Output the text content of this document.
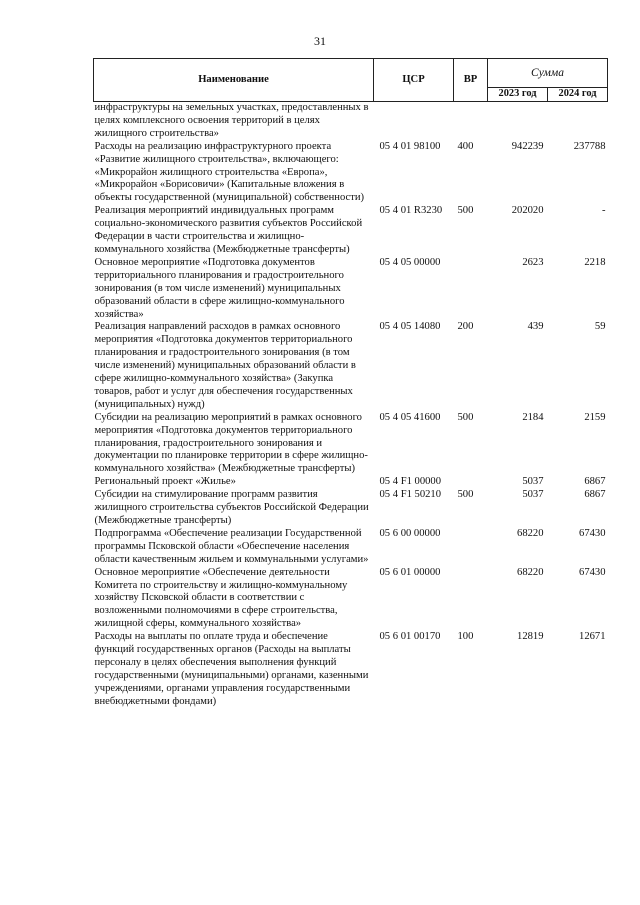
31
Наименование	ЦСР	ВР	Сумма	
			2023 год	2024 год

инфраструктуры на земельных участках, предоставленных в целях комплексного освоения территорий в целях жилищного строительства»				
Расходы на реализацию инфраструктурного проекта «Развитие жилищного строительства», включающего: «Микрорайон жилищного строительства «Европа», «Микрорайон «Борисовичи» (Капитальные вложения в объекты государственной (муниципальной) собственности)	05 4 01 98100	400	942239	237788
Реализация мероприятий индивидуальных программ социально-экономического развития субъектов Российской Федерации в части строительства и жилищно-коммунального хозяйства (Межбюджетные трансферты)	05 4 01 R3230	500	202020	-
Основное мероприятие «Подготовка документов территориального планирования и градостроительного зонирования (в том числе изменений) муниципальных образований области в сфере жилищно-коммунального хозяйства»	05 4 05 00000		2623	2218
Реализация направлений расходов в рамках основного мероприятия «Подготовка документов территориального планирования и градостроительного зонирования (в том числе изменений) муниципальных образований области в сфере жилищно-коммунального хозяйства» (Закупка товаров, работ и услуг для обеспечения государственных (муниципальных) нужд)	05 4 05 14080	200	439	59
Субсидии на реализацию мероприятий в рамках основного мероприятия «Подготовка документов территориального планирования, градостроительного зонирования и документации по планировке территории в сфере жилищно-коммунального хозяйства» (Межбюджетные трансферты)	05 4 05 41600	500	2184	2159
Региональный проект «Жилье»	05 4 F1 00000		5037	6867
Субсидии на стимулирование программ развития жилищного строительства субъектов Российской Федерации (Межбюджетные трансферты)	05 4 F1 50210	500	5037	6867
Подпрограмма «Обеспечение реализации Государственной программы Псковской области «Обеспечение населения области качественным жильем и коммунальными услугами»	05 6 00 00000		68220	67430
Основное мероприятие «Обеспечение деятельности Комитета по строительству и жилищно-коммунальному хозяйству Псковской области в соответствии с возложенными полномочиями в сфере строительства, жилищной сферы, коммунального хозяйства»	05 6 01 00000		68220	67430
Расходы на выплаты по оплате труда и обеспечение функций государственных органов (Расходы на выплаты персоналу в целях обеспечения выполнения функций государственными (муниципальными) органами, казенными учреждениями, органами управления государственными внебюджетными фондами)	05 6 01 00170	100	12819	12671
